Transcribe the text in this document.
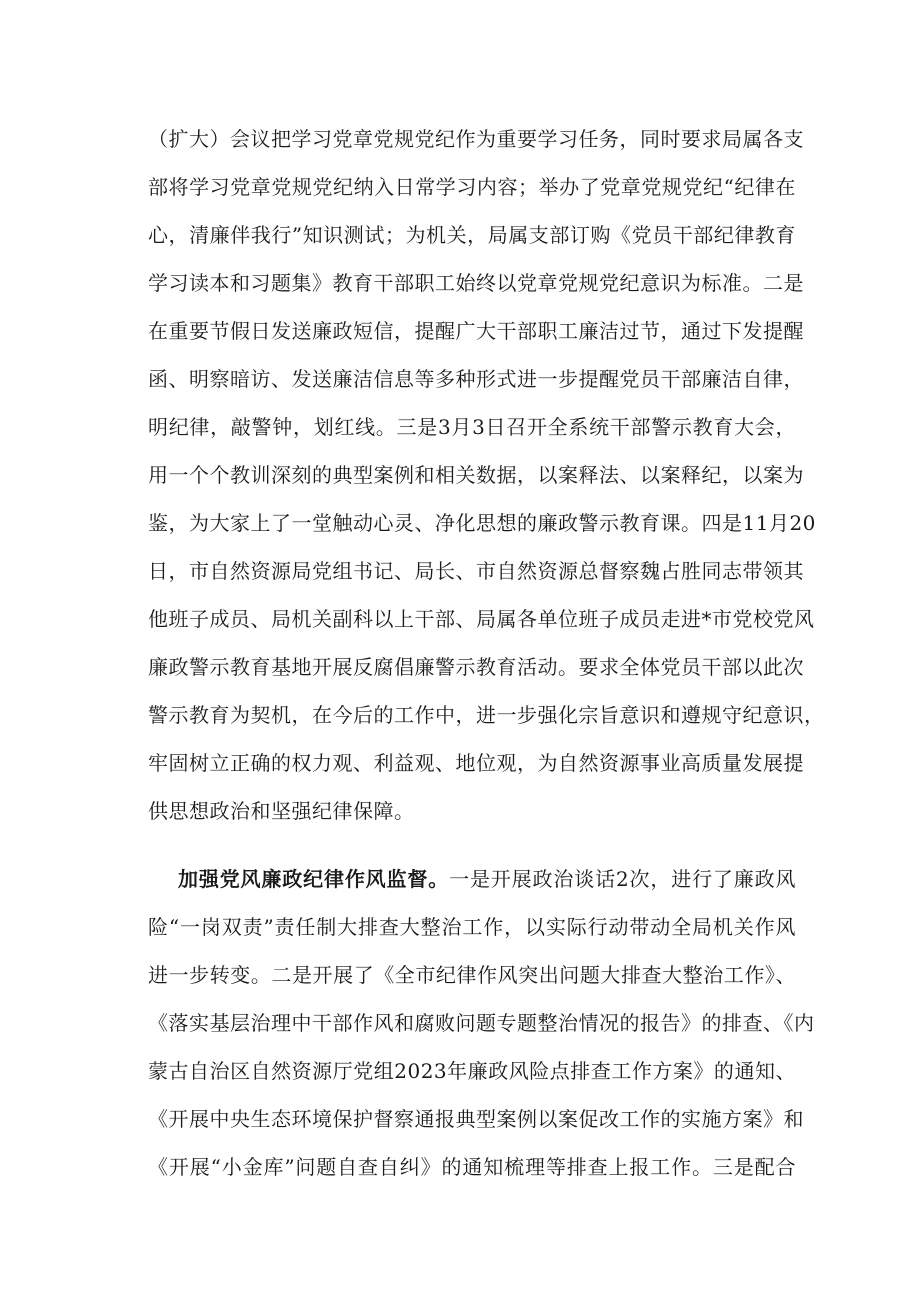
（扩大）会议把学习党章党规党纪作为重要学习任务，同时要求局属各支
部将学习党章党规党纪纳入日常学习内容；举办了党章党规党纪“纪律在
心，清廉伴我行”知识测试；为机关，局属支部订购《党员干部纪律教育
学习读本和习题集》教育干部职工始终以党章党规党纪意识为标准。二是
在重要节假日发送廉政短信，提醒广大干部职工廉洁过节，通过下发提醒
函、明察暗访、发送廉洁信息等多种形式进一步提醒党员干部廉洁自律，
明纪律，敲警钟，划红线。三是3月3日召开全系统干部警示教育大会，
用一个个教训深刻的典型案例和相关数据，以案释法、以案释纪，以案为
鉴，为大家上了一堂触动心灵、净化思想的廉政警示教育课。四是11月20
日，市自然资源局党组书记、局长、市自然资源总督察魏占胜同志带领其
他班子成员、局机关副科以上干部、局属各单位班子成员走进*市党校党风
廉政警示教育基地开展反腐倡廉警示教育活动。要求全体党员干部以此次
警示教育为契机，在今后的工作中，进一步强化宗旨意识和遵规守纪意识，
牢固树立正确的权力观、利益观、地位观，为自然资源事业高质量发展提
供思想政治和坚强纪律保障。
加强党风廉政纪律作风监督。一是开展政治谈话2次，进行了廉政风
险“一岗双责”责任制大排查大整治工作，以实际行动带动全局机关作风
进一步转变。二是开展了《全市纪律作风突出问题大排查大整治工作》、
《落实基层治理中干部作风和腐败问题专题整治情况的报告》的排查、《内
蒙古自治区自然资源厅党组2023年廉政风险点排查工作方案》的通知、
《开展中央生态环境保护督察通报典型案例以案促改工作的实施方案》和
《开展“小金库”问题自查自纠》的通知梳理等排查上报工作。三是配合
